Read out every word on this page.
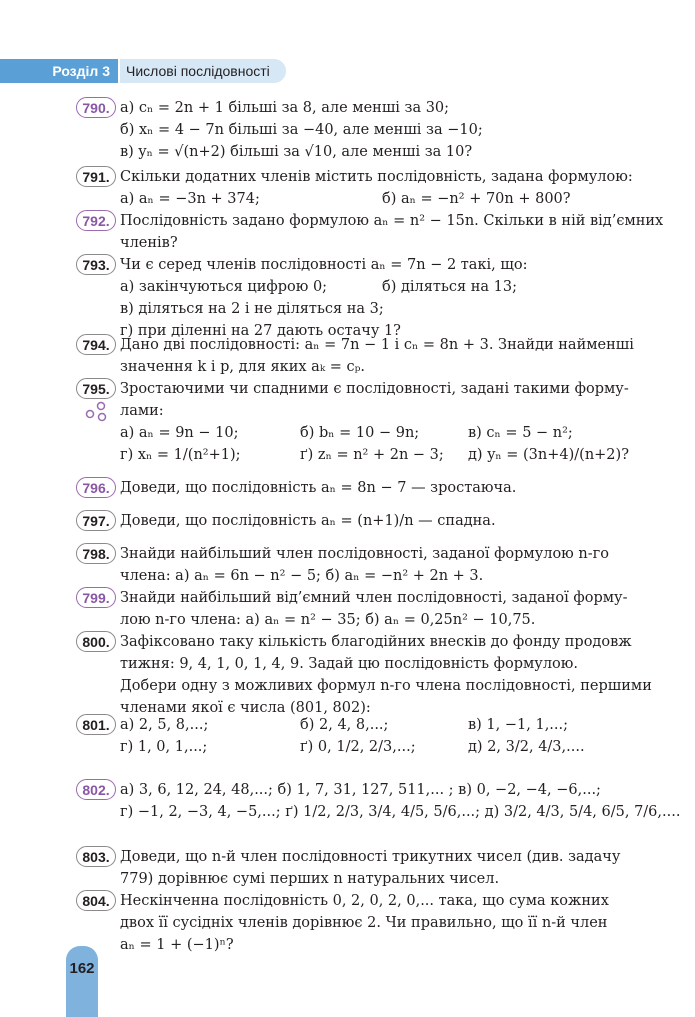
Розділ 3	Числові послідовності
790. а) cₙ = 2n + 1 більші за 8, але менші за 30;
б) xₙ = 4 − 7n більші за −40, але менші за −10;
в) yₙ = √(n+2) більші за √10, але менші за 10?
791. Скільки додатних членів містить послідовність, задана формулою:
а) aₙ = −3n + 374;	б) aₙ = −n² + 70n + 800?
792. Послідовність задано формулою aₙ = n² − 15n. Скільки в ній від’ємних
членів?
793. Чи є серед членів послідовності aₙ = 7n − 2 такі, що:
а) закінчуються цифрою 0;	б) діляться на 13;
в) діляться на 2 і не діляться на 3;
г) при діленні на 27 дають остачу 1?
794. Дано дві послідовності: aₙ = 7n − 1 і cₙ = 8n + 3. Знайди найменші
значення k і p, для яких aₖ = cₚ.
795. Зростаючими чи спадними є послідовності, задані такими форму-
лами:
а) aₙ = 9n − 10;	б) bₙ = 10 − 9n;	в) cₙ = 5 − n²;
г) xₙ = 1/(n²+1);	ґ) zₙ = n² + 2n − 3; д) yₙ = (3n+4)/(n+2)?
796. Доведи, що послідовність aₙ = 8n − 7 — зростаюча.
797. Доведи, що послідовність aₙ = (n+1)/n — спадна.
798. Знайди найбільший член послідовності, заданої формулою n-го
члена: а) aₙ = 6n − n² − 5; б) aₙ = −n² + 2n + 3.
799. Знайди найбільший від’ємний член послідовності, заданої форму-
лою n-го члена: а) aₙ = n² − 35; б) aₙ = 0,25n² − 10,75.
800. Зафіксовано таку кількість благодійних внесків до фонду продовж
тижня: 9, 4, 1, 0, 1, 4, 9. Задай цю послідовність формулою.
801. а) 2, 5, 8,...;	б) 2, 4, 8,...;	в) 1, −1, 1,...;
г) 1, 0, 1,...;	ґ) 0, 1/2, 2/3,...;	д) 2, 3/2, 4/3,....
802. а) 3, 6, 12, 24, 48,...; б) 1, 7, 31, 127, 511,... ; в) 0, −2, −4, −6,...;
г) −1, 2, −3, 4, −5,...; ґ) 1/2, 2/3, 3/4, 4/5, 5/6,...; д) 3/2, 4/3, 5/4, 6/5, 7/6,....
803. Доведи, що n-й член послідовності трикутних чисел (див. задачу
779) дорівнює сумі перших n натуральних чисел.
804. Нескінченна послідовність 0, 2, 0, 2, 0,... така, що сума кожних
двох її сусідніх членів дорівнює 2. Чи правильно, що її n-й член
aₙ = 1 + (−1)ⁿ?
Добери одну з можливих формул n-го члена послідовності, першими
членами якої є числа (801, 802):
162
